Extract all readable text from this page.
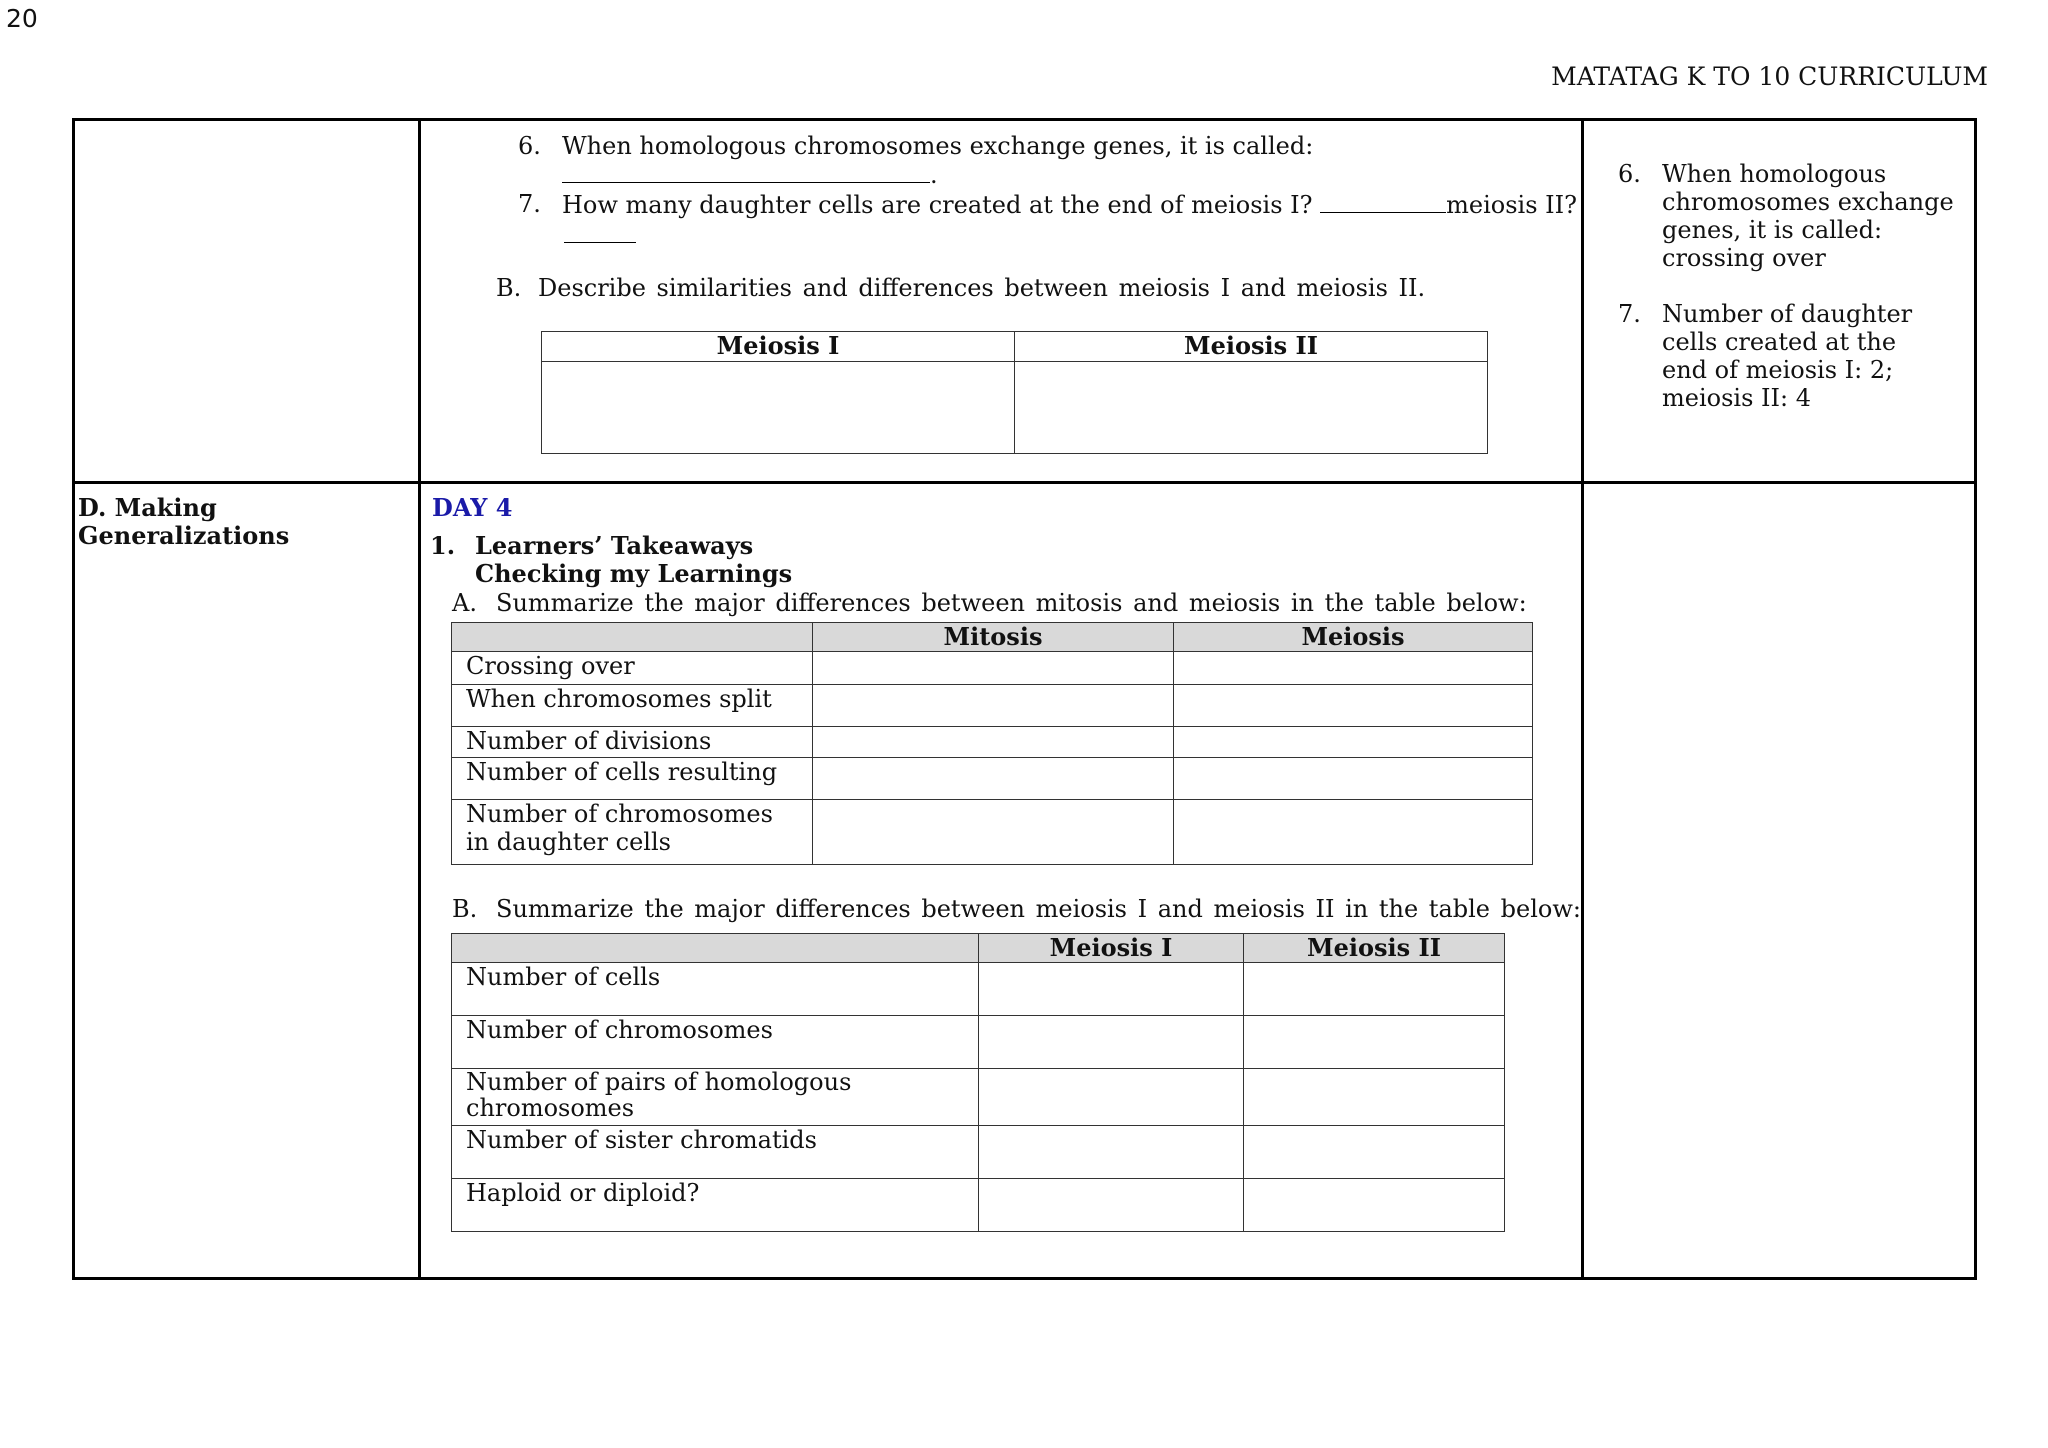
20
MATATAG K TO 10 CURRICULUM
6. When homologous chromosomes exchange genes, it is called:
.
7. How many daughter cells are created at the end of meiosis I?	meiosis II?
B. Describe similarities and differences between meiosis I and meiosis II.
Meiosis I	Meiosis II

6. When homologous chromosomes exchange genes, it is called: crossing over
7. Number of daughter cells created at the end of meiosis I: 2; meiosis II: 4
D. Making Generalizations
DAY 4
1. Learners’ Takeaways
Checking my Learnings
A. Summarize the major differences between mitosis and meiosis in the table below:
	Mitosis	Meiosis
Crossing over		
When chromosomes split		
Number of divisions		
Number of cells resulting		
Number of chromosomes in daughter cells		
B. Summarize the major differences between meiosis I and meiosis II in the table below:
	Meiosis I	Meiosis II
Number of cells		
Number of chromosomes		
Number of pairs of homologous chromosomes		
Number of sister chromatids		
Haploid or diploid?		
